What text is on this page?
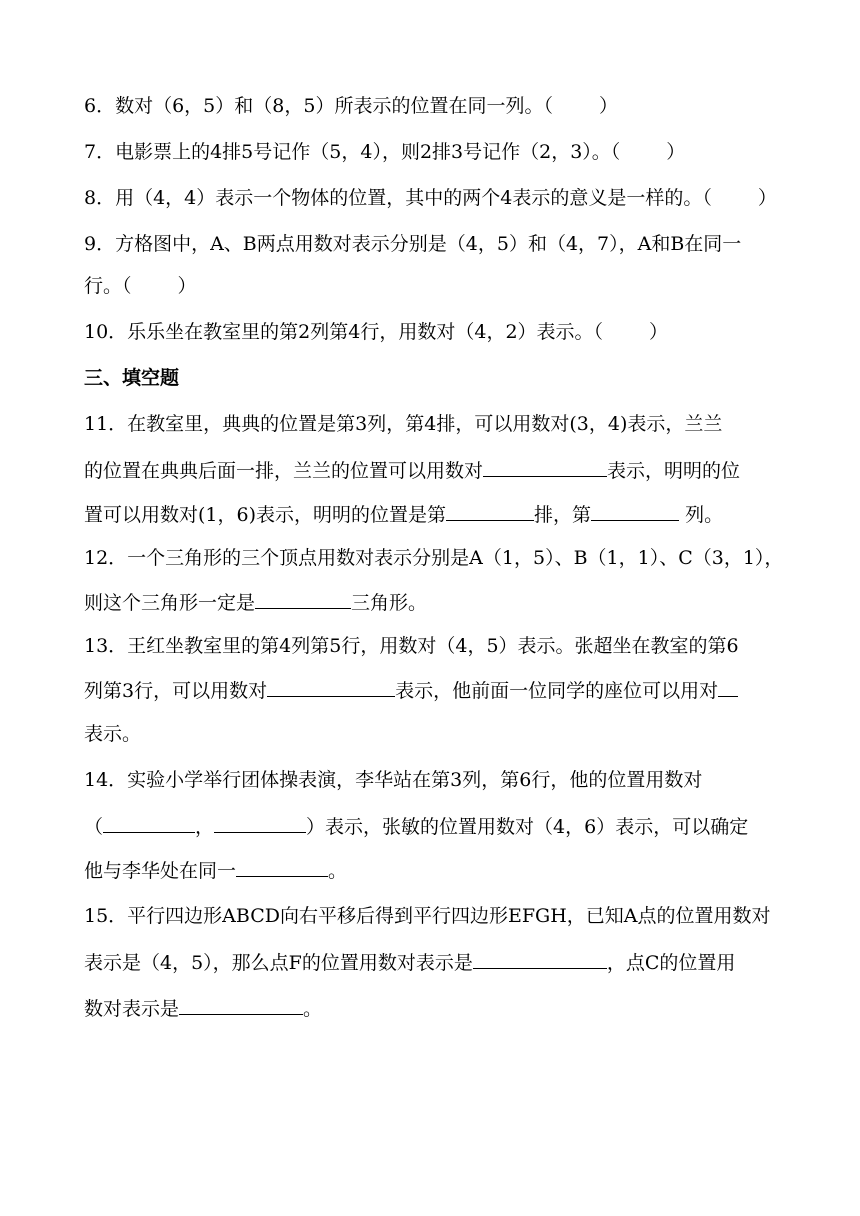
6．数对（6，5）和（8，5）所表示的位置在同一列。（ ）
7．电影票上的4排5号记作（5，4），则2排3号记作（2，3）。（ ）
8．用（4，4）表示一个物体的位置，其中的两个4表示的意义是一样的。（ ）
9．方格图中，A、B两点用数对表示分别是（4，5）和（4，7），A和B在同一
行。（ ）
10．乐乐坐在教室里的第2列第4行，用数对（4，2）表示。（ ）
三、填空题
11．在教室里，典典的位置是第3列，第4排，可以用数对(3，4)表示，兰兰
的位置在典典后面一排，兰兰的位置可以用数对	表示，明明的位
置可以用数对(1，6)表示，明明的位置是第	排，第	列。
12．一个三角形的三个顶点用数对表示分别是A（1，5）、B（1，1）、C（3，1），
则这个三角形一定是	三角形。
13．王红坐教室里的第4列第5行，用数对（4，5）表示。张超坐在教室的第6
列第3行，可以用数对	表示，他前面一位同学的座位可以用对
表示。
14．实验小学举行团体操表演，李华站在第3列，第6行，他的位置用数对
（	，	）表示，张敏的位置用数对（4，6）表示，可以确定
他与李华处在同一	。
15．平行四边形ABCD向右平移后得到平行四边形EFGH，已知A点的位置用数对
表示是（4，5），那么点F的位置用数对表示是	，点C的位置用
数对表示是	。
